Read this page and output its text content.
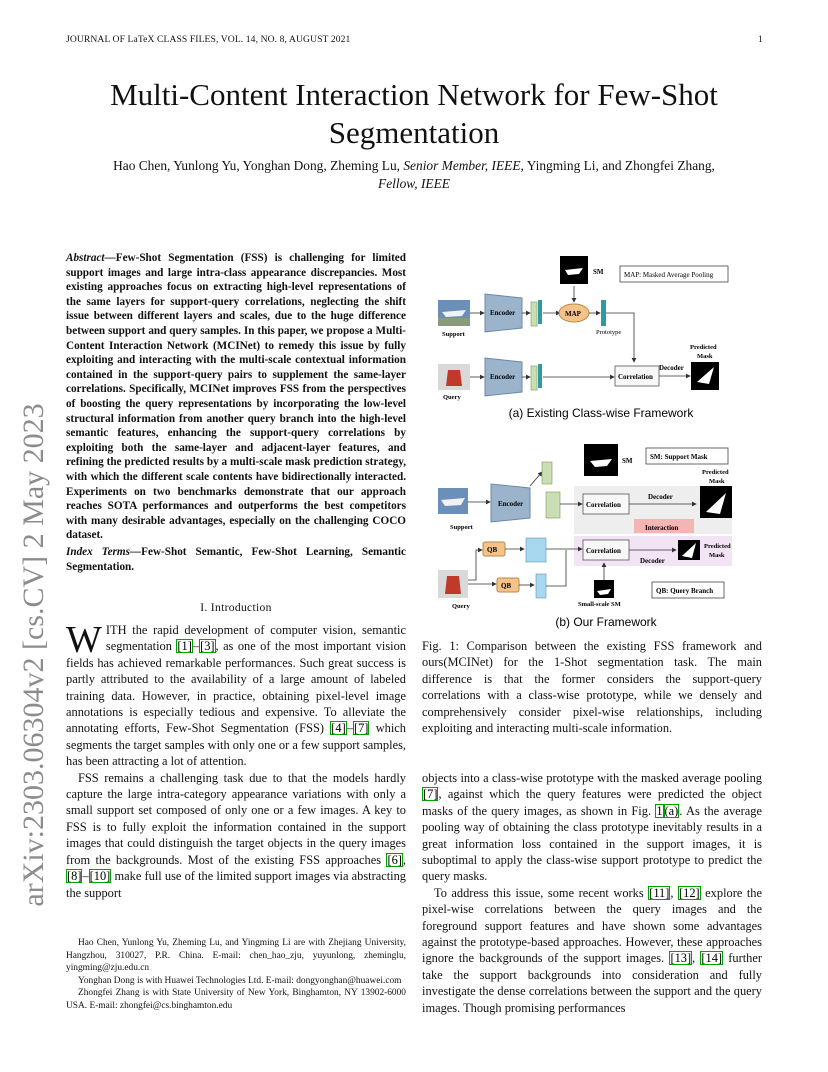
JOURNAL OF LaTeX CLASS FILES, VOL. 14, NO. 8, AUGUST 2021	1
Multi-Content Interaction Network for Few-Shot Segmentation
Hao Chen, Yunlong Yu, Yonghan Dong, Zheming Lu, Senior Member, IEEE, Yingming Li, and Zhongfei Zhang,
Fellow, IEEE
arXiv:2303.06304v2 [cs.CV] 2 May 2023
Abstract—Few-Shot Segmentation (FSS) is challenging for limited support images and large intra-class appearance discrepancies. Most existing approaches focus on extracting high-level representations of the same layers for support-query correlations, neglecting the shift issue between different layers and scales, due to the huge difference between support and query samples. In this paper, we propose a Multi-Content Interaction Network (MCINet) to remedy this issue by fully exploiting and interacting with the multi-scale contextual information contained in the support-query pairs to supplement the same-layer correlations. Specifically, MCINet improves FSS from the perspectives of boosting the query representations by incorporating the low-level structural information from another query branch into the high-level semantic features, enhancing the support-query correlations by exploiting both the same-layer and adjacent-layer features, and refining the predicted results by a multi-scale mask prediction strategy, with which the different scale contents have bidirectionally interacted. Experiments on two benchmarks demonstrate that our approach reaches SOTA performances and outperforms the best competitors with many desirable advantages, especially on the challenging COCO dataset.
Index Terms—Few-Shot Semantic, Few-Shot Learning, Semantic Segmentation.
I. Introduction

WITH the rapid development of computer vision, semantic segmentation [1]–[3], as one of the most important vision fields has achieved remarkable performances. Such great success is partly attributed to the availability of a large amount of labeled training data. However, in practice, obtaining pixel-level image annotations is especially tedious and expensive. To alleviate the annotating efforts, Few-Shot Segmentation (FSS) [4]–[7] which segments the target samples with only one or a few support samples, has been attracting a lot of attention.

FSS remains a challenging task due to that the models hardly capture the large intra-category appearance variations with only a small support set composed of only one or a few images. A key to FSS is to fully exploit the information contained in the support images that could distinguish the target objects in the query images from the backgrounds. Most of the existing FSS approaches [6], [8]–[10] make full use of the limited support images via abstracting the support

Hao Chen, Yunlong Yu, Zheming Lu, and Yingming Li are with Zhejiang University, Hangzhou, 310027, P.R. China. E-mail: chen_hao_zju, yuyunlong, zheminglu, yingming@zju.edu.cn

Yonghan Dong is with Huawei Technologies Ltd. E-mail: dongyonghan@huawei.com

Zhongfei Zhang is with State University of New York, Binghamton, NY 13902-6000 USA. E-mail: zhongfei@cs.binghamton.edu

SM	MAP: Masked Average Pooling
Support
Encoder	MAP
Prototype
Query
Encoder	Correlation
Decoder
Predicted
Mask
(a) Existing Class-wise Framework
SM	SM: Support Mask
Predicted
Mask
Interaction
Support
Encoder	Correlation
Decoder
QB	Correlation
Decoder
Predicted
Mask
Query
QB
Small-scale SM
QB: Query Branch
(b) Our Framework
Fig. 1: Comparison between the existing FSS framework and ours(MCINet) for the 1-Shot segmentation task. The main difference is that the former considers the support-query correlations with a class-wise prototype, while we densely and comprehensively consider pixel-wise relationships, including exploiting and interacting multi-scale information.

objects into a class-wise prototype with the masked average pooling [7], against which the query features were predicted the object masks of the query images, as shown in Fig. 1 (a). As the average pooling way of obtaining the class prototype inevitably results in a great information loss contained in the support images, it is suboptimal to apply the class-wise support prototype to predict the query masks.

To address this issue, some recent works [11], [12] explore the pixel-wise correlations between the query images and the foreground support features and have shown some advantages against the prototype-based approaches. However, these approaches ignore the backgrounds of the support images. [13], [14] further take the support backgrounds into consideration and fully investigate the dense correlations between the support and the query images. Though promising performances
